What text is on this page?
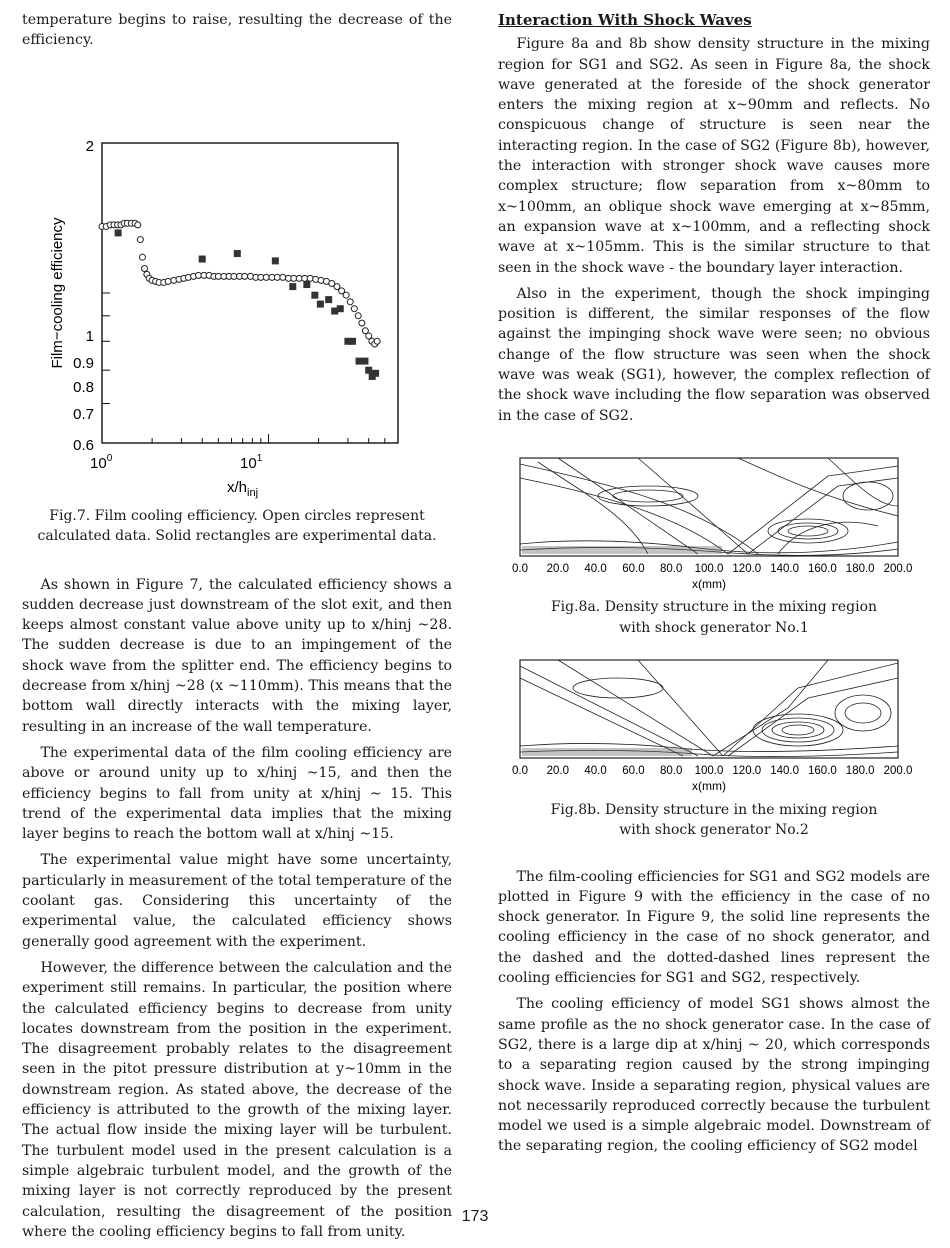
temperature begins to raise, resulting the decrease of the efficiency.

2
1
0.9
0.8
0.7
0.6
$10^0$	$10^1$
$x/h_{inj}$
Film−cooling efficiency
Fig.7. Film cooling efficiency. Open circles represent
calculated data. Solid rectangles are experimental data.

As shown in Figure 7, the calculated efficiency shows a sudden decrease just downstream of the slot exit, and then keeps almost constant value above unity up to x/hinj ~28. The sudden decrease is due to an impingement of the shock wave from the splitter end. The efficiency begins to decrease from x/hinj ~28 (x ~110mm). This means that the bottom wall directly interacts with the mixing layer, resulting in an increase of the wall temperature.

The experimental data of the film cooling efficiency are above or around unity up to x/hinj ~15, and then the efficiency begins to fall from unity at x/hinj ~ 15. This trend of the experimental data implies that the mixing layer begins to reach the bottom wall at x/hinj ~15.

The experimental value might have some uncertainty, particularly in measurement of the total temperature of the coolant gas. Considering this uncertainty of the experimental value, the calculated efficiency shows generally good agreement with the experiment.

However, the difference between the calculation and the experiment still remains. In particular, the position where the calculated efficiency begins to decrease from unity locates downstream from the position in the experiment. The disagreement probably relates to the disagreement seen in the pitot pressure distribution at y~10mm in the downstream region. As stated above, the decrease of the efficiency is attributed to the growth of the mixing layer. The actual flow inside the mixing layer will be turbulent. The turbulent model used in the present calculation is a simple algebraic turbulent model, and the growth of the mixing layer is not correctly reproduced by the present calculation, resulting the disagreement of the position where the cooling efficiency begins to fall from unity.

Interaction With Shock Waves

Figure 8a and 8b show density structure in the mixing region for SG1 and SG2. As seen in Figure 8a, the shock wave generated at the foreside of the shock generator enters the mixing region at x~90mm and reflects. No conspicuous change of structure is seen near the interacting region. In the case of SG2 (Figure 8b), however, the interaction with stronger shock wave causes more complex structure; flow separation from x~80mm to x~100mm, an oblique shock wave emerging at x~85mm, an expansion wave at x~100mm, and a reflecting shock wave at x~105mm. This is the similar structure to that seen in the shock wave - the boundary layer interaction.

Also in the experiment, though the shock impinging position is different, the similar responses of the flow against the impinging shock wave were seen; no obvious change of the flow structure was seen when the shock wave was weak (SG1), however, the complex reflection of the shock wave including the flow separation was observed in the case of SG2.

0.0 20.0 40.0 60.0 80.0 100.0 120.0 140.0 160.0 180.0 200.0
x(mm)
Fig.8a. Density structure in the mixing region
with shock generator No.1
0.0 20.0 40.0 60.0 80.0 100.0 120.0 140.0 160.0 180.0 200.0
x(mm)
Fig.8b. Density structure in the mixing region
with shock generator No.2

The film-cooling efficiencies for SG1 and SG2 models are plotted in Figure 9 with the efficiency in the case of no shock generator. In Figure 9, the solid line represents the cooling efficiency in the case of no shock generator, and the dashed and the dotted-dashed lines represent the cooling efficiencies for SG1 and SG2, respectively.

The cooling efficiency of model SG1 shows almost the same profile as the no shock generator case. In the case of SG2, there is a large dip at x/hinj ~ 20, which corresponds to a separating region caused by the strong impinging shock wave. Inside a separating region, physical values are not necessarily reproduced correctly because the turbulent model we used is a simple algebraic model. Downstream of the separating region, the cooling efficiency of SG2 model

173
